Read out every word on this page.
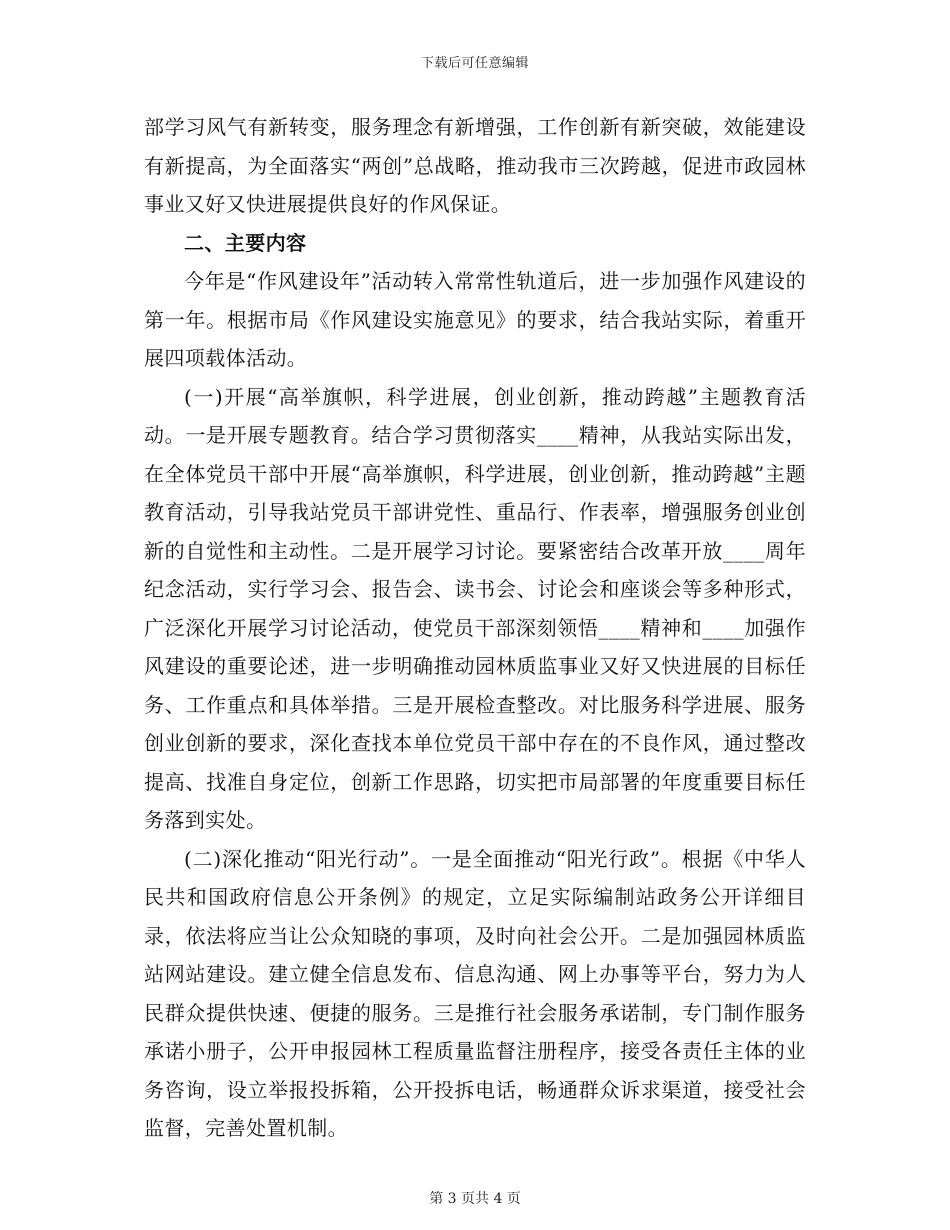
下载后可任意编辑

部学习风气有新转变，服务理念有新增强，工作创新有新突破，效能建设有新提高，为全面落实“两创”总战略，推动我市三次跨越，促进市政园林事业又好又快进展提供良好的作风保证。

二、主要内容

今年是“作风建设年”活动转入常常性轨道后，进一步加强作风建设的第一年。根据市局《作风建设实施意见》的要求，结合我站实际，着重开展四项载体活动。

(一)开展“高举旗帜，科学进展，创业创新，推动跨越”主题教育活动。一是开展专题教育。结合学习贯彻落实____精神，从我站实际出发，在全体党员干部中开展“高举旗帜，科学进展，创业创新，推动跨越”主题教育活动，引导我站党员干部讲党性、重品行、作表率，增强服务创业创新的自觉性和主动性。二是开展学习讨论。要紧密结合改革开放____周年纪念活动，实行学习会、报告会、读书会、讨论会和座谈会等多种形式，广泛深化开展学习讨论活动，使党员干部深刻领悟____精神和____加强作风建设的重要论述，进一步明确推动园林质监事业又好又快进展的目标任务、工作重点和具体举措。三是开展检查整改。对比服务科学进展、服务创业创新的要求，深化查找本单位党员干部中存在的不良作风，通过整改提高、找准自身定位，创新工作思路，切实把市局部署的年度重要目标任务落到实处。

(二)深化推动“阳光行动”。一是全面推动“阳光行政”。根据《中华人民共和国政府信息公开条例》的规定，立足实际编制站政务公开详细目录，依法将应当让公众知晓的事项，及时向社会公开。二是加强园林质监站网站建设。建立健全信息发布、信息沟通、网上办事等平台，努力为人民群众提供快速、便捷的服务。三是推行社会服务承诺制，专门制作服务承诺小册子，公开申报园林工程质量监督注册程序，接受各责任主体的业务咨询，设立举报投拆箱，公开投拆电话，畅通群众诉求渠道，接受社会监督，完善处置机制。

第 3 页共 4 页
